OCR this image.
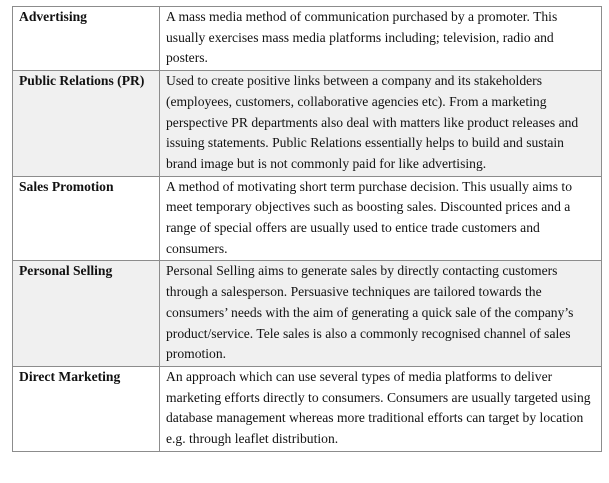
Advertising	A mass media method of communication purchased by a promoter. This usually exercises mass media platforms including; television, radio and posters.
Public Relations (PR)	Used to create positive links between a company and its stakeholders (employees, customers, collaborative agencies etc). From a marketing perspective PR departments also deal with matters like product releases and issuing statements. Public Relations essentially helps to build and sustain brand image but is not commonly paid for like advertising.
Sales Promotion	A method of motivating short term purchase decision. This usually aims to meet temporary objectives such as boosting sales. Discounted prices and a range of special offers are usually used to entice trade customers and consumers.
Personal Selling	Personal Selling aims to generate sales by directly contacting customers through a salesperson. Persuasive techniques are tailored towards the consumers’ needs with the aim of generating a quick sale of the company’s product/service. Tele sales is also a commonly recognised channel of sales promotion.
Direct Marketing	An approach which can use several types of media platforms to deliver marketing efforts directly to consumers. Consumers are usually targeted using database management whereas more traditional efforts can target by location e.g. through leaflet distribution.
